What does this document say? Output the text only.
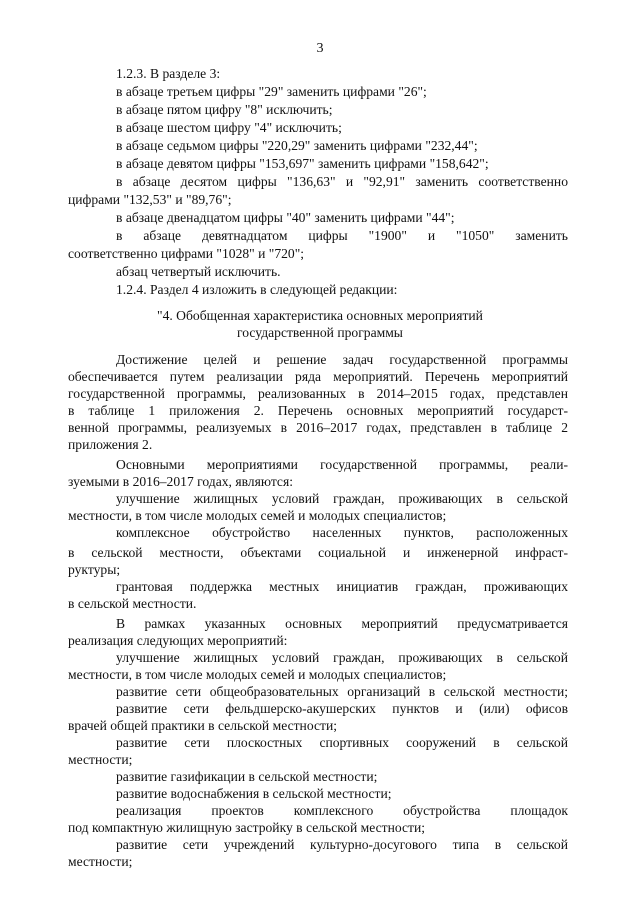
3
1.2.3. В разделе 3:
в абзаце третьем цифры "29" заменить цифрами "26";
в абзаце пятом цифру "8" исключить;
в абзаце шестом цифру "4" исключить;
в абзаце седьмом цифры "220,29" заменить цифрами "232,44";
в абзаце девятом цифры "153,697" заменить цифрами "158,642";
в абзаце десятом цифры "136,63" и "92,91" заменить соответственно
цифрами "132,53" и "89,76";
в абзаце двенадцатом цифры "40" заменить цифрами "44";
в абзаце девятнадцатом цифры "1900" и "1050" заменить
соответственно цифрами "1028" и "720";
абзац четвертый исключить.
1.2.4. Раздел 4 изложить в следующей редакции:
"4. Обобщенная характеристика основных мероприятий
государственной программы
Достижение целей и решение задач государственной программы
обеспечивается путем реализации ряда мероприятий. Перечень мероприятий
государственной программы, реализованных в 2014–2015 годах, представлен
в таблице 1 приложения 2. Перечень основных мероприятий государст-
венной программы, реализуемых в 2016–2017 годах, представлен в таблице 2
приложения 2.
Основными мероприятиями государственной программы, реали-
зуемыми в 2016–2017 годах, являются:
улучшение жилищных условий граждан, проживающих в сельской
местности, в том числе молодых семей и молодых специалистов;
комплексное обустройство населенных пунктов, расположенных
в сельской местности, объектами социальной и инженерной инфраст-
руктуры;
грантовая поддержка местных инициатив граждан, проживающих
в сельской местности.
В рамках указанных основных мероприятий предусматривается
реализация следующих мероприятий:
улучшение жилищных условий граждан, проживающих в сельской
местности, в том числе молодых семей и молодых специалистов;
развитие сети общеобразовательных организаций в сельской местности;
развитие сети фельдшерско-акушерских пунктов и (или) офисов
врачей общей практики в сельской местности;
развитие сети плоскостных спортивных сооружений в сельской
местности;
развитие газификации в сельской местности;
развитие водоснабжения в сельской местности;
реализация проектов комплексного обустройства площадок
под компактную жилищную застройку в сельской местности;
развитие сети учреждений культурно-досугового типа в сельской
местности;
